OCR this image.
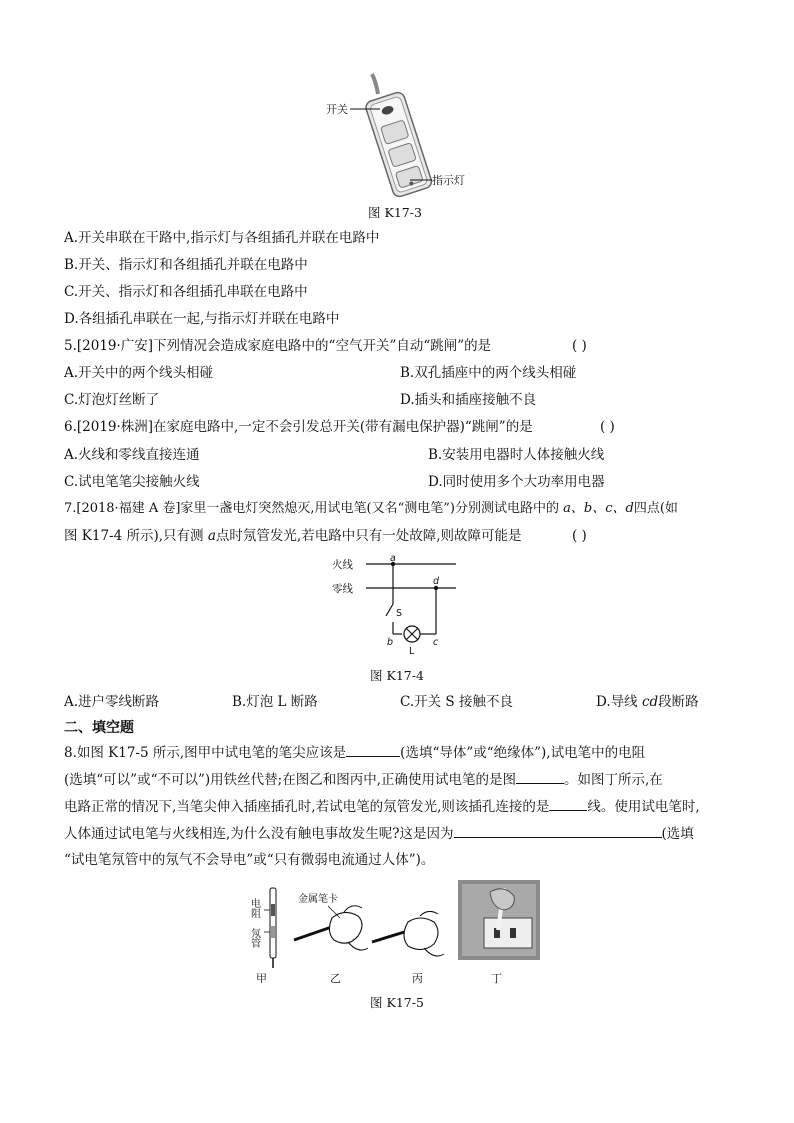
开关
指示灯
图 K17-3
A.开关串联在干路中,指示灯与各组插孔并联在电路中
B.开关、指示灯和各组插孔并联在电路中
C.开关、指示灯和各组插孔串联在电路中
D.各组插孔串联在一起,与指示灯并联在电路中
5.[2019·广安]下列情况会造成家庭电路中的“空气开关”自动“跳闸”的是	( )
A.开关中的两个线头相碰	B.双孔插座中的两个线头相碰
C.灯泡灯丝断了	D.插头和插座接触不良
6.[2019·株洲]在家庭电路中,一定不会引发总开关(带有漏电保护器)“跳闸”的是	( )
A.火线和零线直接连通	B.安装用电器时人体接触火线
C.试电笔笔尖接触火线	D.同时使用多个大功率用电器
7.[2018·福建 A 卷]家里一盏电灯突然熄灭,用试电笔(又名“测电笔”)分别测试电路中的 a、b、c、d四点(如
图 K17-4 所示),只有测 a点时氖管发光,若电路中只有一处故障,则故障可能是	( )
火线
零线
a
d
b	c
S
L
图 K17-4
A.进户零线断路	B.灯泡 L 断路	C.开关 S 接触不良	D.导线 cd段断路
二、填空题
8.如图 K17-5 所示,图甲中试电笔的笔尖应该是	(选填“导体”或“绝缘体”),试电笔中的电阻
(选填“可以”或“不可以”)用铁丝代替;在图乙和图丙中,正确使用试电笔的是图	。如图丁所示,在
电路正常的情况下,当笔尖伸入插座插孔时,若试电笔的氖管发光,则该插孔连接的是	线。使用试电笔时,
人体通过试电笔与火线相连,为什么没有触电事故发生呢?这是因为	(选填
“试电笔氖管中的氖气不会导电”或“只有微弱电流通过人体”)。
电阻
氖管
金属笔卡
甲	乙	丙	丁
图 K17-5
